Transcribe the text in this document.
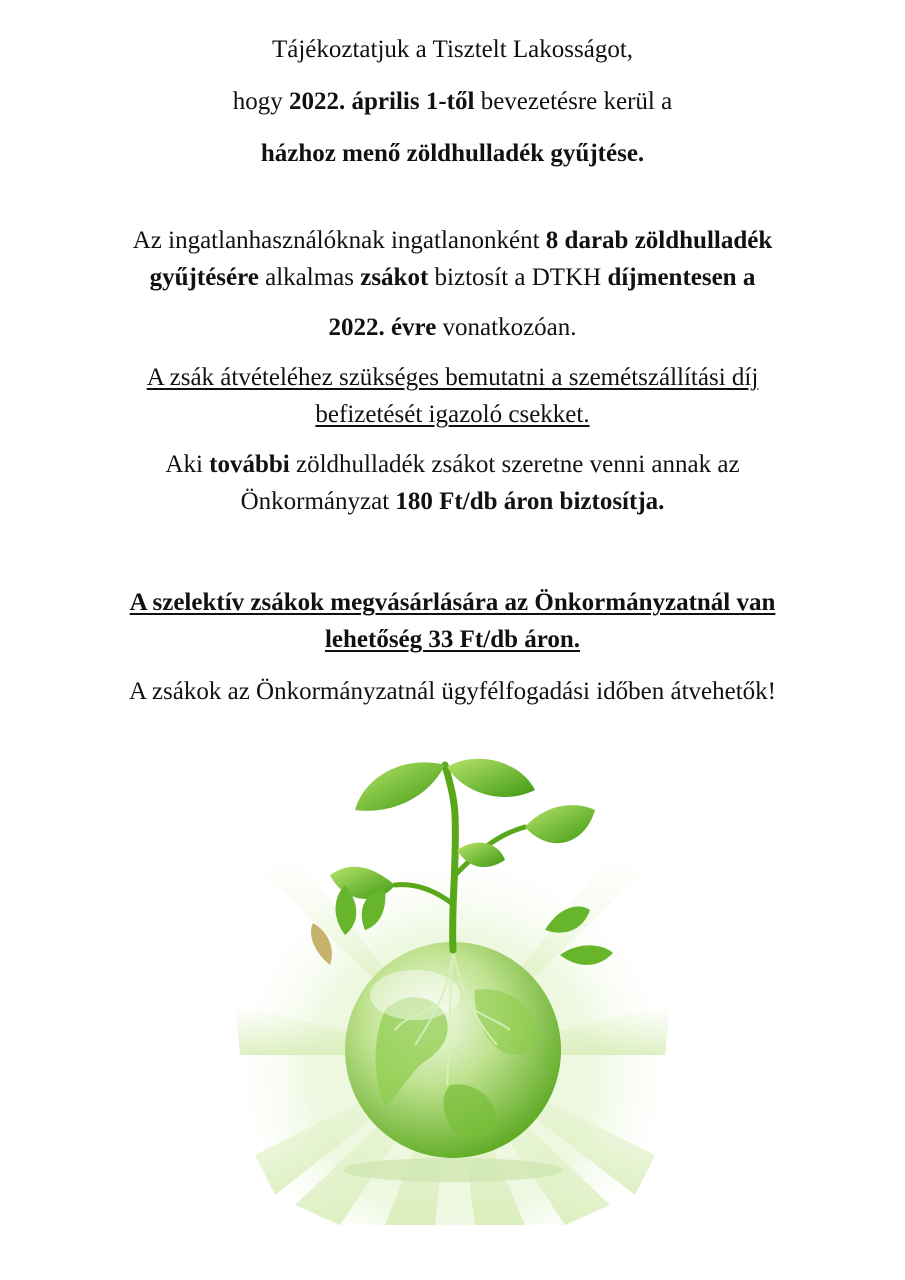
Tájékoztatjuk a Tisztelt Lakosságot,
hogy 2022. április 1-től bevezetésre kerül a
házhoz menő zöldhulladék gyűjtése.
Az ingatlanhasználóknak ingatlanonként 8 darab zöldhulladék
gyűjtésére alkalmas zsákot biztosít a DTKH díjmentesen a
2022. évre vonatkozóan.
A zsák átvételéhez szükséges bemutatni a szemétszállítási díj
befizetését igazoló csekket.
Aki további zöldhulladék zsákot szeretne venni annak az
Önkormányzat 180 Ft/db áron biztosítja.
A szelektív zsákok megvásárlására az Önkormányzatnál van
lehetőség 33 Ft/db áron.
A zsákok az Önkormányzatnál ügyfélfogadási időben átvehetők!
